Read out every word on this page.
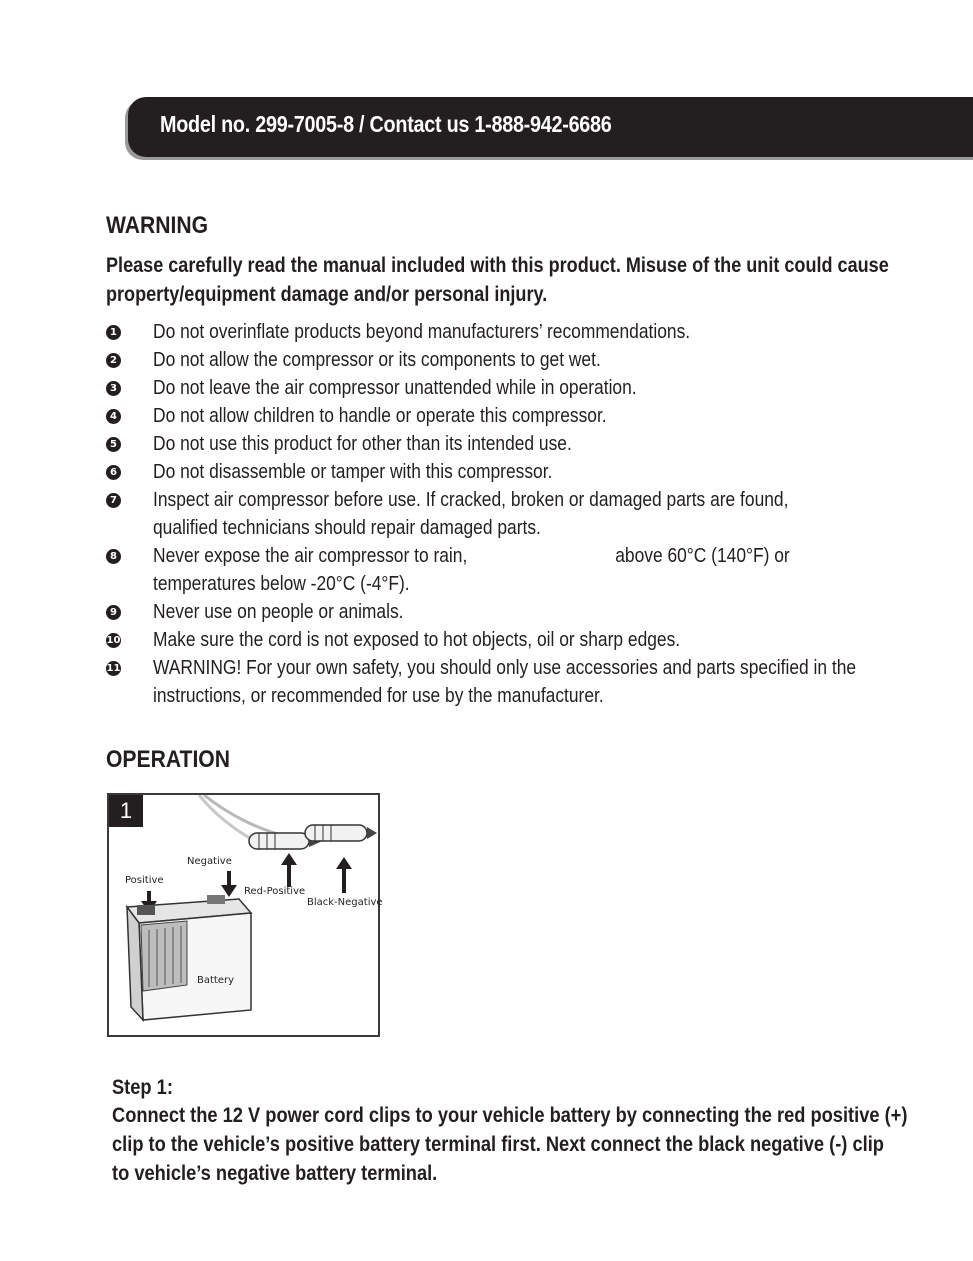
Model no. 299-7005-8 / Contact us 1-888-942-6686
WARNING
Please carefully read the manual included with this product. Misuse of the unit could cause
property/equipment damage and/or personal injury.
1 Do not overinflate products beyond manufacturers’ recommendations.
2 Do not allow the compressor or its components to get wet.
3 Do not leave the air compressor unattended while in operation.
4 Do not allow children to handle or operate this compressor.
5 Do not use this product for other than its intended use.
6 Do not disassemble or tamper with this compressor.
7 Inspect air compressor before use. If cracked, broken or damaged parts are found,
qualified technicians should repair damaged parts.
8 Never expose the air compressor to rain,	above 60°C (140°F) or
temperatures below -20°C (-4°F).
9 Never use on people or animals.
10 Make sure the cord is not exposed to hot objects, oil or sharp edges.
11 WARNING! For your own safety, you should only use accessories and parts specified in the
instructions, or recommended for use by the manufacturer.
OPERATION
1
Negative
Positive
Red-Positive
Black-Negative
Battery
Step 1:
Connect the 12 V power cord clips to your vehicle battery by connecting the red positive (+)
clip to the vehicle’s positive battery terminal first. Next connect the black negative (-) clip
to vehicle’s negative battery terminal.
